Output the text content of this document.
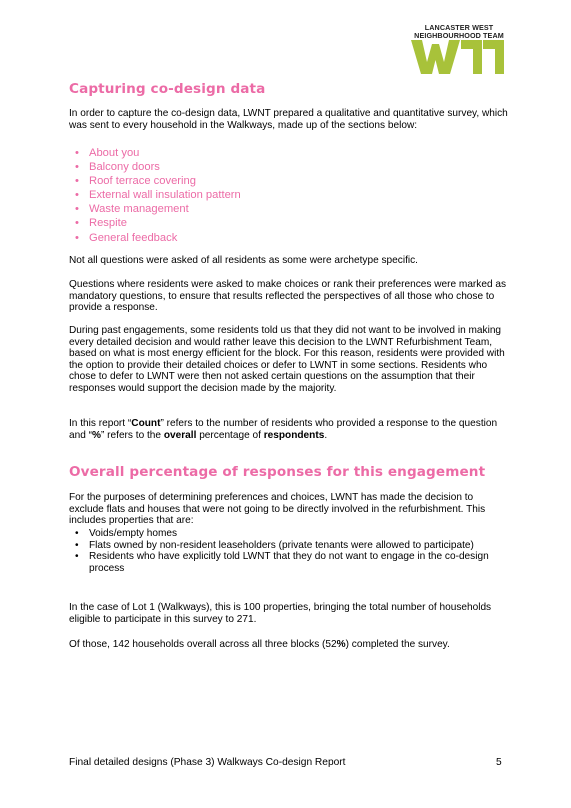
LANCASTER WEST
NEIGHBOURHOOD TEAM
Capturing co-design data

In order to capture the co-design data, LWNT prepared a qualitative and quantitative survey, which was sent to every household in the Walkways, made up of the sections below:

• About you
• Balcony doors
• Roof terrace covering
• External wall insulation pattern
• Waste management
• Respite
• General feedback

Not all questions were asked of all residents as some were archetype specific.

Questions where residents were asked to make choices or rank their preferences were marked as mandatory questions, to ensure that results reflected the perspectives of all those who chose to provide a response.

During past engagements, some residents told us that they did not want to be involved in making every detailed decision and would rather leave this decision to the LWNT Refurbishment Team, based on what is most energy efficient for the block. For this reason, residents were provided with the option to provide their detailed choices or defer to LWNT in some sections. Residents who chose to defer to LWNT were then not asked certain questions on the assumption that their responses would support the decision made by the majority.

In this report “Count” refers to the number of residents who provided a response to the question and “%” refers to the overall percentage of respondents.

Overall percentage of responses for this engagement

For the purposes of determining preferences and choices, LWNT has made the decision to exclude flats and houses that were not going to be directly involved in the refurbishment. This includes properties that are:

• Voids/empty homes
• Flats owned by non-resident leaseholders (private tenants were allowed to participate)
• Residents who have explicitly told LWNT that they do not want to engage in the co-design process

In the case of Lot 1 (Walkways), this is 100 properties, bringing the total number of households eligible to participate in this survey to 271.

Of those, 142 households overall across all three blocks (52%) completed the survey.

Final detailed designs (Phase 3) Walkways Co-design Report	5
